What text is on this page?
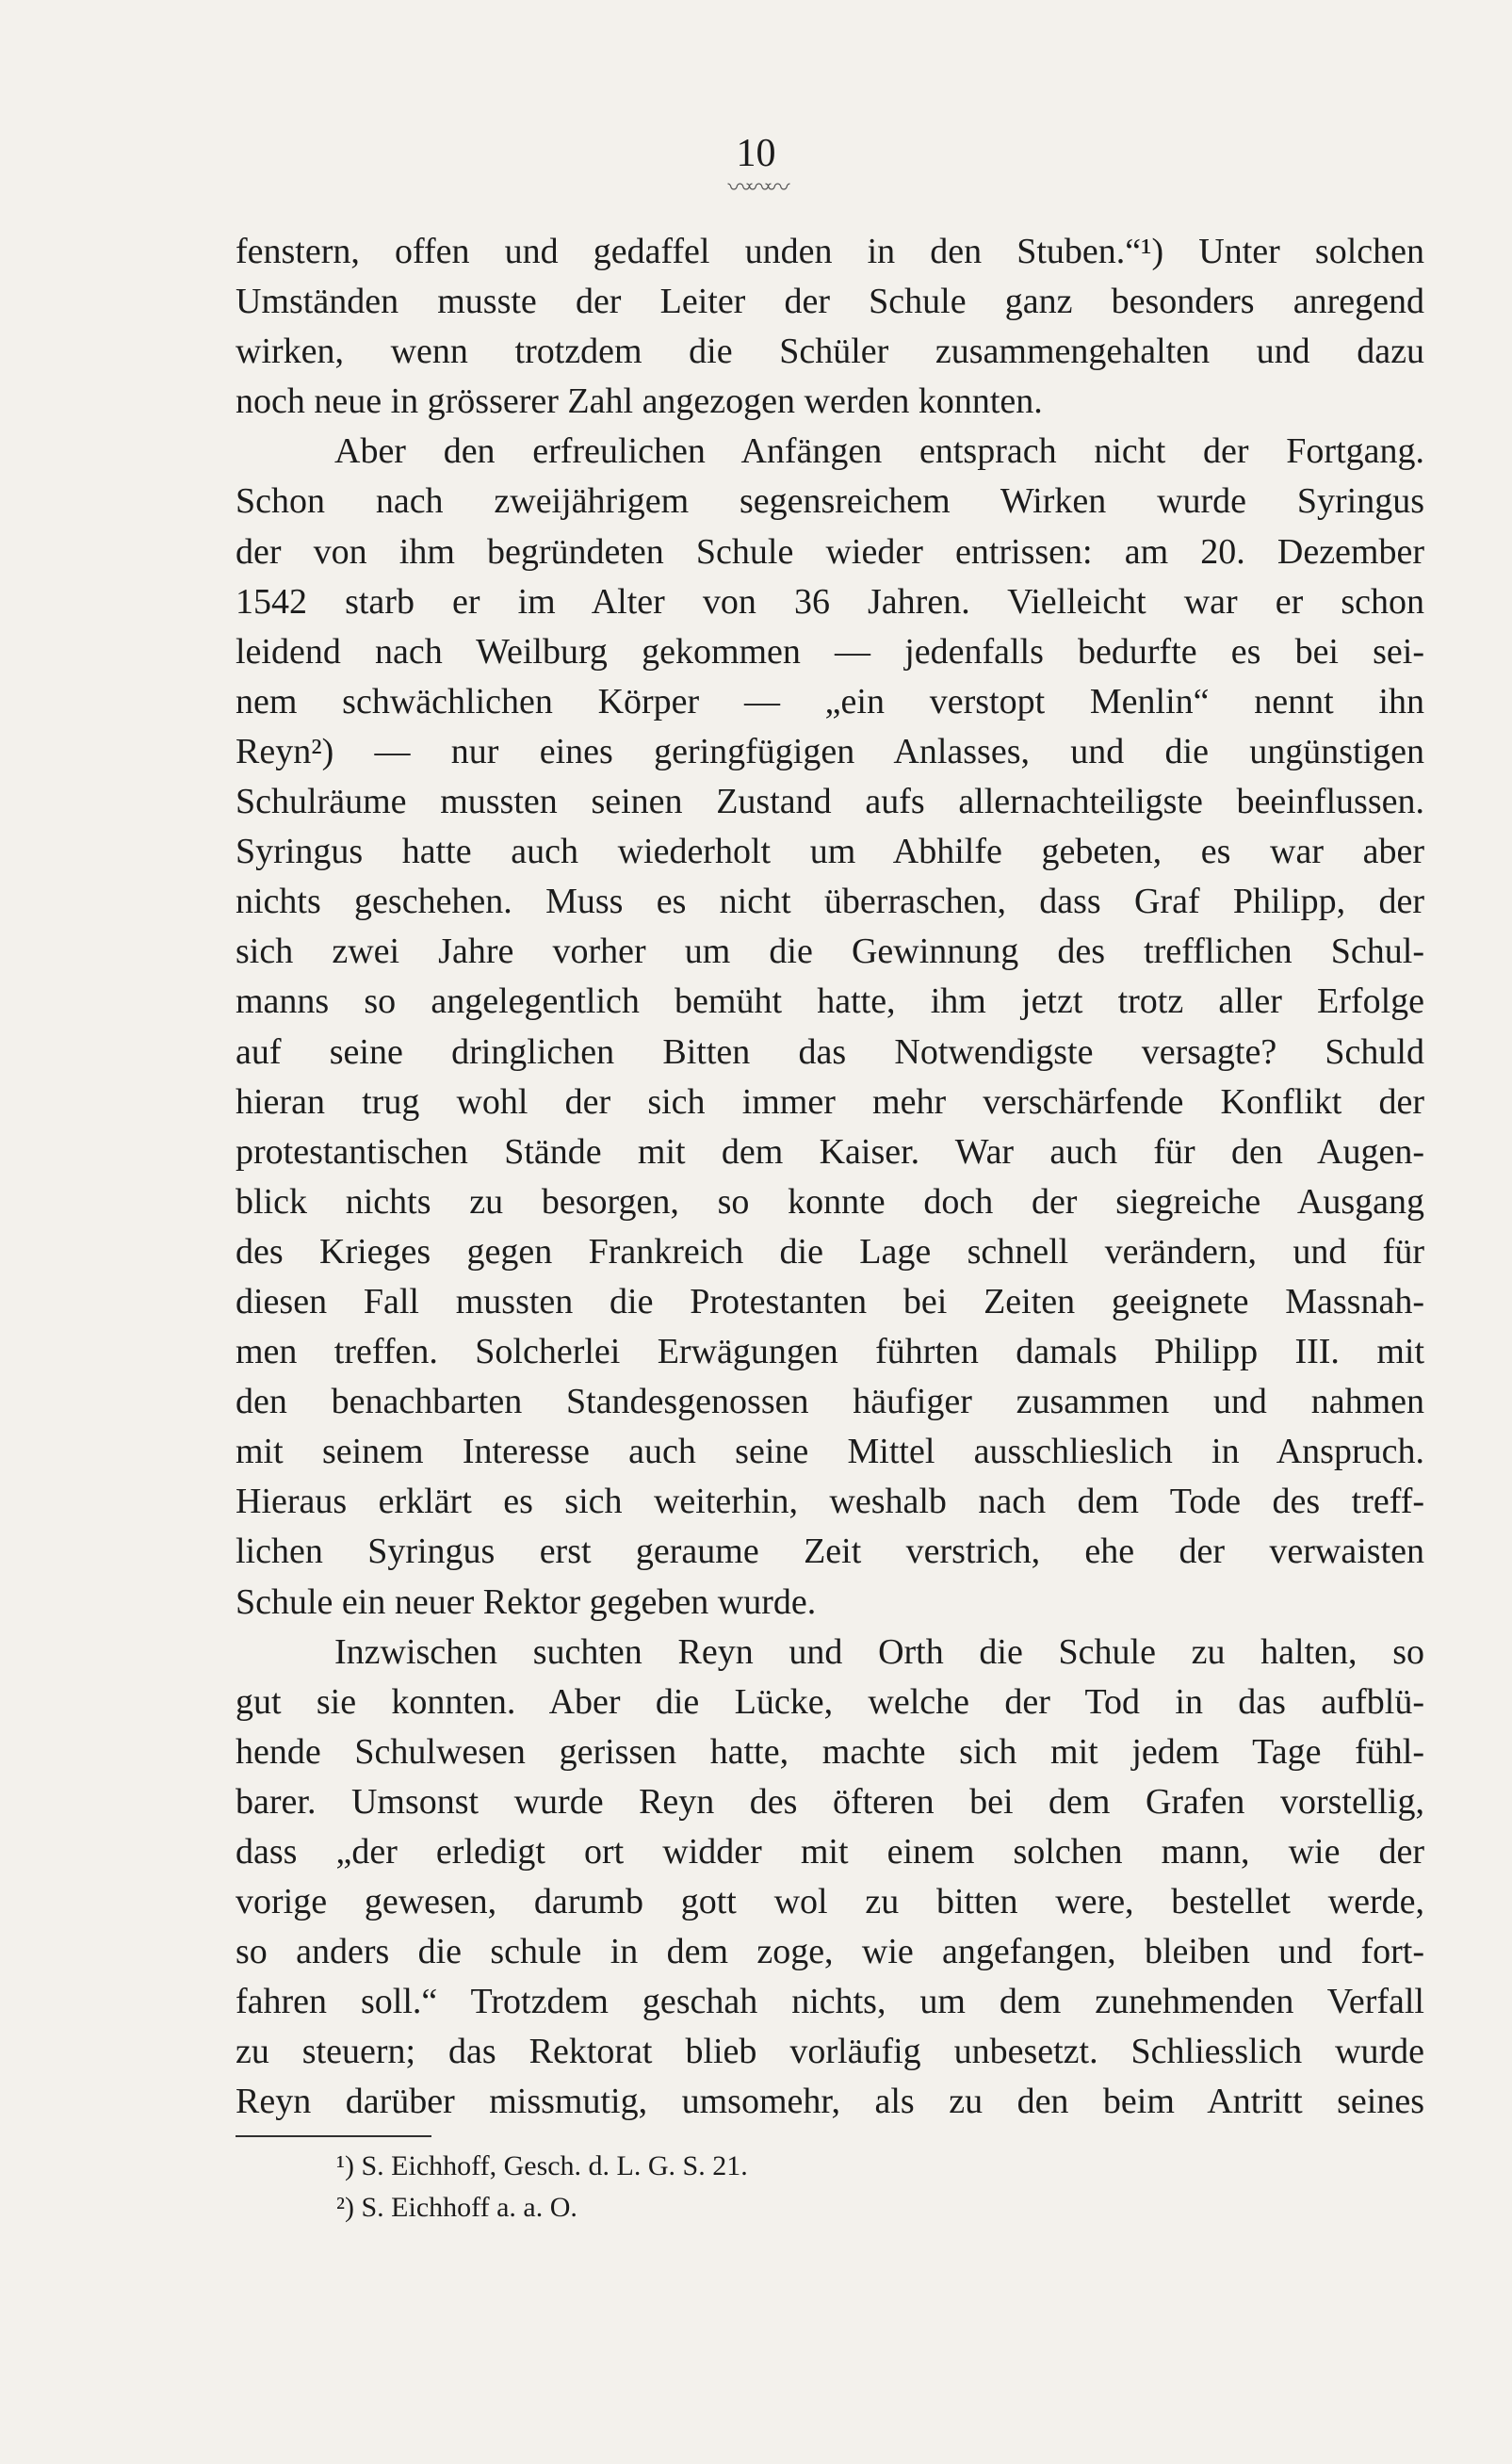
10
〰〰〰
fenstern, offen und gedaffel unden in den Stuben.“¹) Unter solchen
Umständen musste der Leiter der Schule ganz besonders anregend
wirken, wenn trotzdem die Schüler zusammengehalten und dazu
noch neue in grösserer Zahl angezogen werden konnten.
Aber den erfreulichen Anfängen entsprach nicht der Fortgang.
Schon nach zweijährigem segensreichem Wirken wurde Syringus
der von ihm begründeten Schule wieder entrissen: am 20. Dezember
1542 starb er im Alter von 36 Jahren. Vielleicht war er schon
leidend nach Weilburg gekommen — jedenfalls bedurfte es bei sei-
nem schwächlichen Körper — „ein verstopt Menlin“ nennt ihn
Reyn²) — nur eines geringfügigen Anlasses, und die ungünstigen
Schulräume mussten seinen Zustand aufs allernachteiligste beeinflussen.
Syringus hatte auch wiederholt um Abhilfe gebeten, es war aber
nichts geschehen. Muss es nicht überraschen, dass Graf Philipp, der
sich zwei Jahre vorher um die Gewinnung des trefflichen Schul-
manns so angelegentlich bemüht hatte, ihm jetzt trotz aller Erfolge
auf seine dringlichen Bitten das Notwendigste versagte? Schuld
hieran trug wohl der sich immer mehr verschärfende Konflikt der
protestantischen Stände mit dem Kaiser. War auch für den Augen-
blick nichts zu besorgen, so konnte doch der siegreiche Ausgang
des Krieges gegen Frankreich die Lage schnell verändern, und für
diesen Fall mussten die Protestanten bei Zeiten geeignete Massnah-
men treffen. Solcherlei Erwägungen führten damals Philipp III. mit
den benachbarten Standesgenossen häufiger zusammen und nahmen
mit seinem Interesse auch seine Mittel ausschlieslich in Anspruch.
Hieraus erklärt es sich weiterhin, weshalb nach dem Tode des treff-
lichen Syringus erst geraume Zeit verstrich, ehe der verwaisten
Schule ein neuer Rektor gegeben wurde.
Inzwischen suchten Reyn und Orth die Schule zu halten, so
gut sie konnten. Aber die Lücke, welche der Tod in das aufblü-
hende Schulwesen gerissen hatte, machte sich mit jedem Tage fühl-
barer. Umsonst wurde Reyn des öfteren bei dem Grafen vorstellig,
dass „der erledigt ort widder mit einem solchen mann, wie der
vorige gewesen, darumb gott wol zu bitten were, bestellet werde,
so anders die schule in dem zoge, wie angefangen, bleiben und fort-
fahren soll.“ Trotzdem geschah nichts, um dem zunehmenden Verfall
zu steuern; das Rektorat blieb vorläufig unbesetzt. Schliesslich wurde
Reyn darüber missmutig, umsomehr, als zu den beim Antritt seines
¹) S. Eichhoff, Gesch. d. L. G. S. 21.
²) S. Eichhoff a. a. O.
